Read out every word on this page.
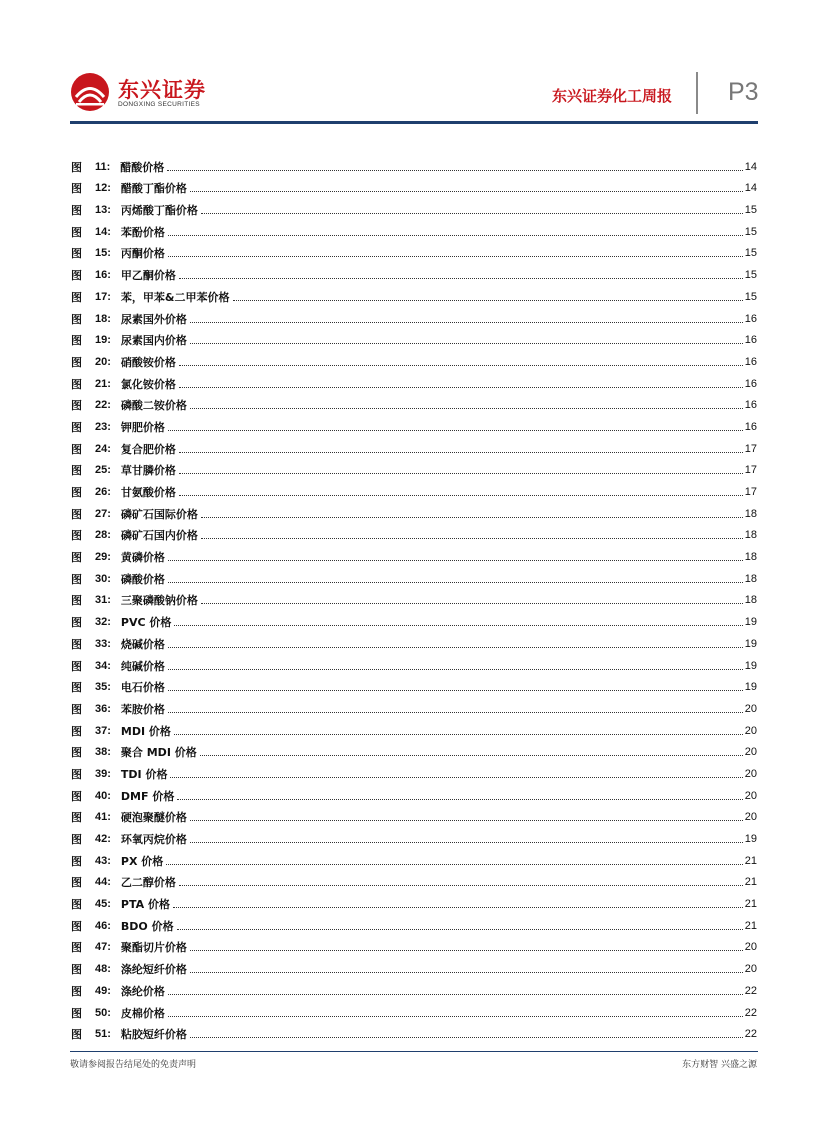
东兴证券
DONGXING SECURITIES	东兴证券化工周报 P3
图	11: 醋酸价格	14
图	12: 醋酸丁酯价格	14
图	13: 丙烯酸丁酯价格	15
图	14: 苯酚价格	15
图	15: 丙酮价格	15
图	16: 甲乙酮价格	15
图	17: 苯，甲苯&二甲苯价格	15
图	18: 尿素国外价格	16
图	19: 尿素国内价格	16
图	20: 硝酸铵价格	16
图	21: 氯化铵价格	16
图	22: 磷酸二铵价格	16
图	23: 钾肥价格	16
图	24: 复合肥价格	17
图	25: 草甘膦价格	17
图	26: 甘氨酸价格	17
图	27: 磷矿石国际价格	18
图	28: 磷矿石国内价格	18
图	29: 黄磷价格	18
图	30: 磷酸价格	18
图	31: 三聚磷酸钠价格	18
图	32: PVC 价格	19
图	33: 烧碱价格	19
图	34: 纯碱价格	19
图	35: 电石价格	19
图	36: 苯胺价格	20
图	37: MDI 价格	20
图	38: 聚合 MDI 价格	20
图	39: TDI 价格	20
图	40: DMF 价格	20
图	41: 硬泡聚醚价格	20
图	42: 环氧丙烷价格	19
图	43: PX 价格	21
图	44: 乙二醇价格	21
图	45: PTA 价格	21
图	46: BDO 价格	21
图	47: 聚酯切片价格	20
图	48: 涤纶短纤价格	20
图	49: 涤纶价格	22
图	50: 皮棉价格	22
图	51: 粘胶短纤价格	22
敬请参阅报告结尾处的免责声明	东方财智 兴盛之源
